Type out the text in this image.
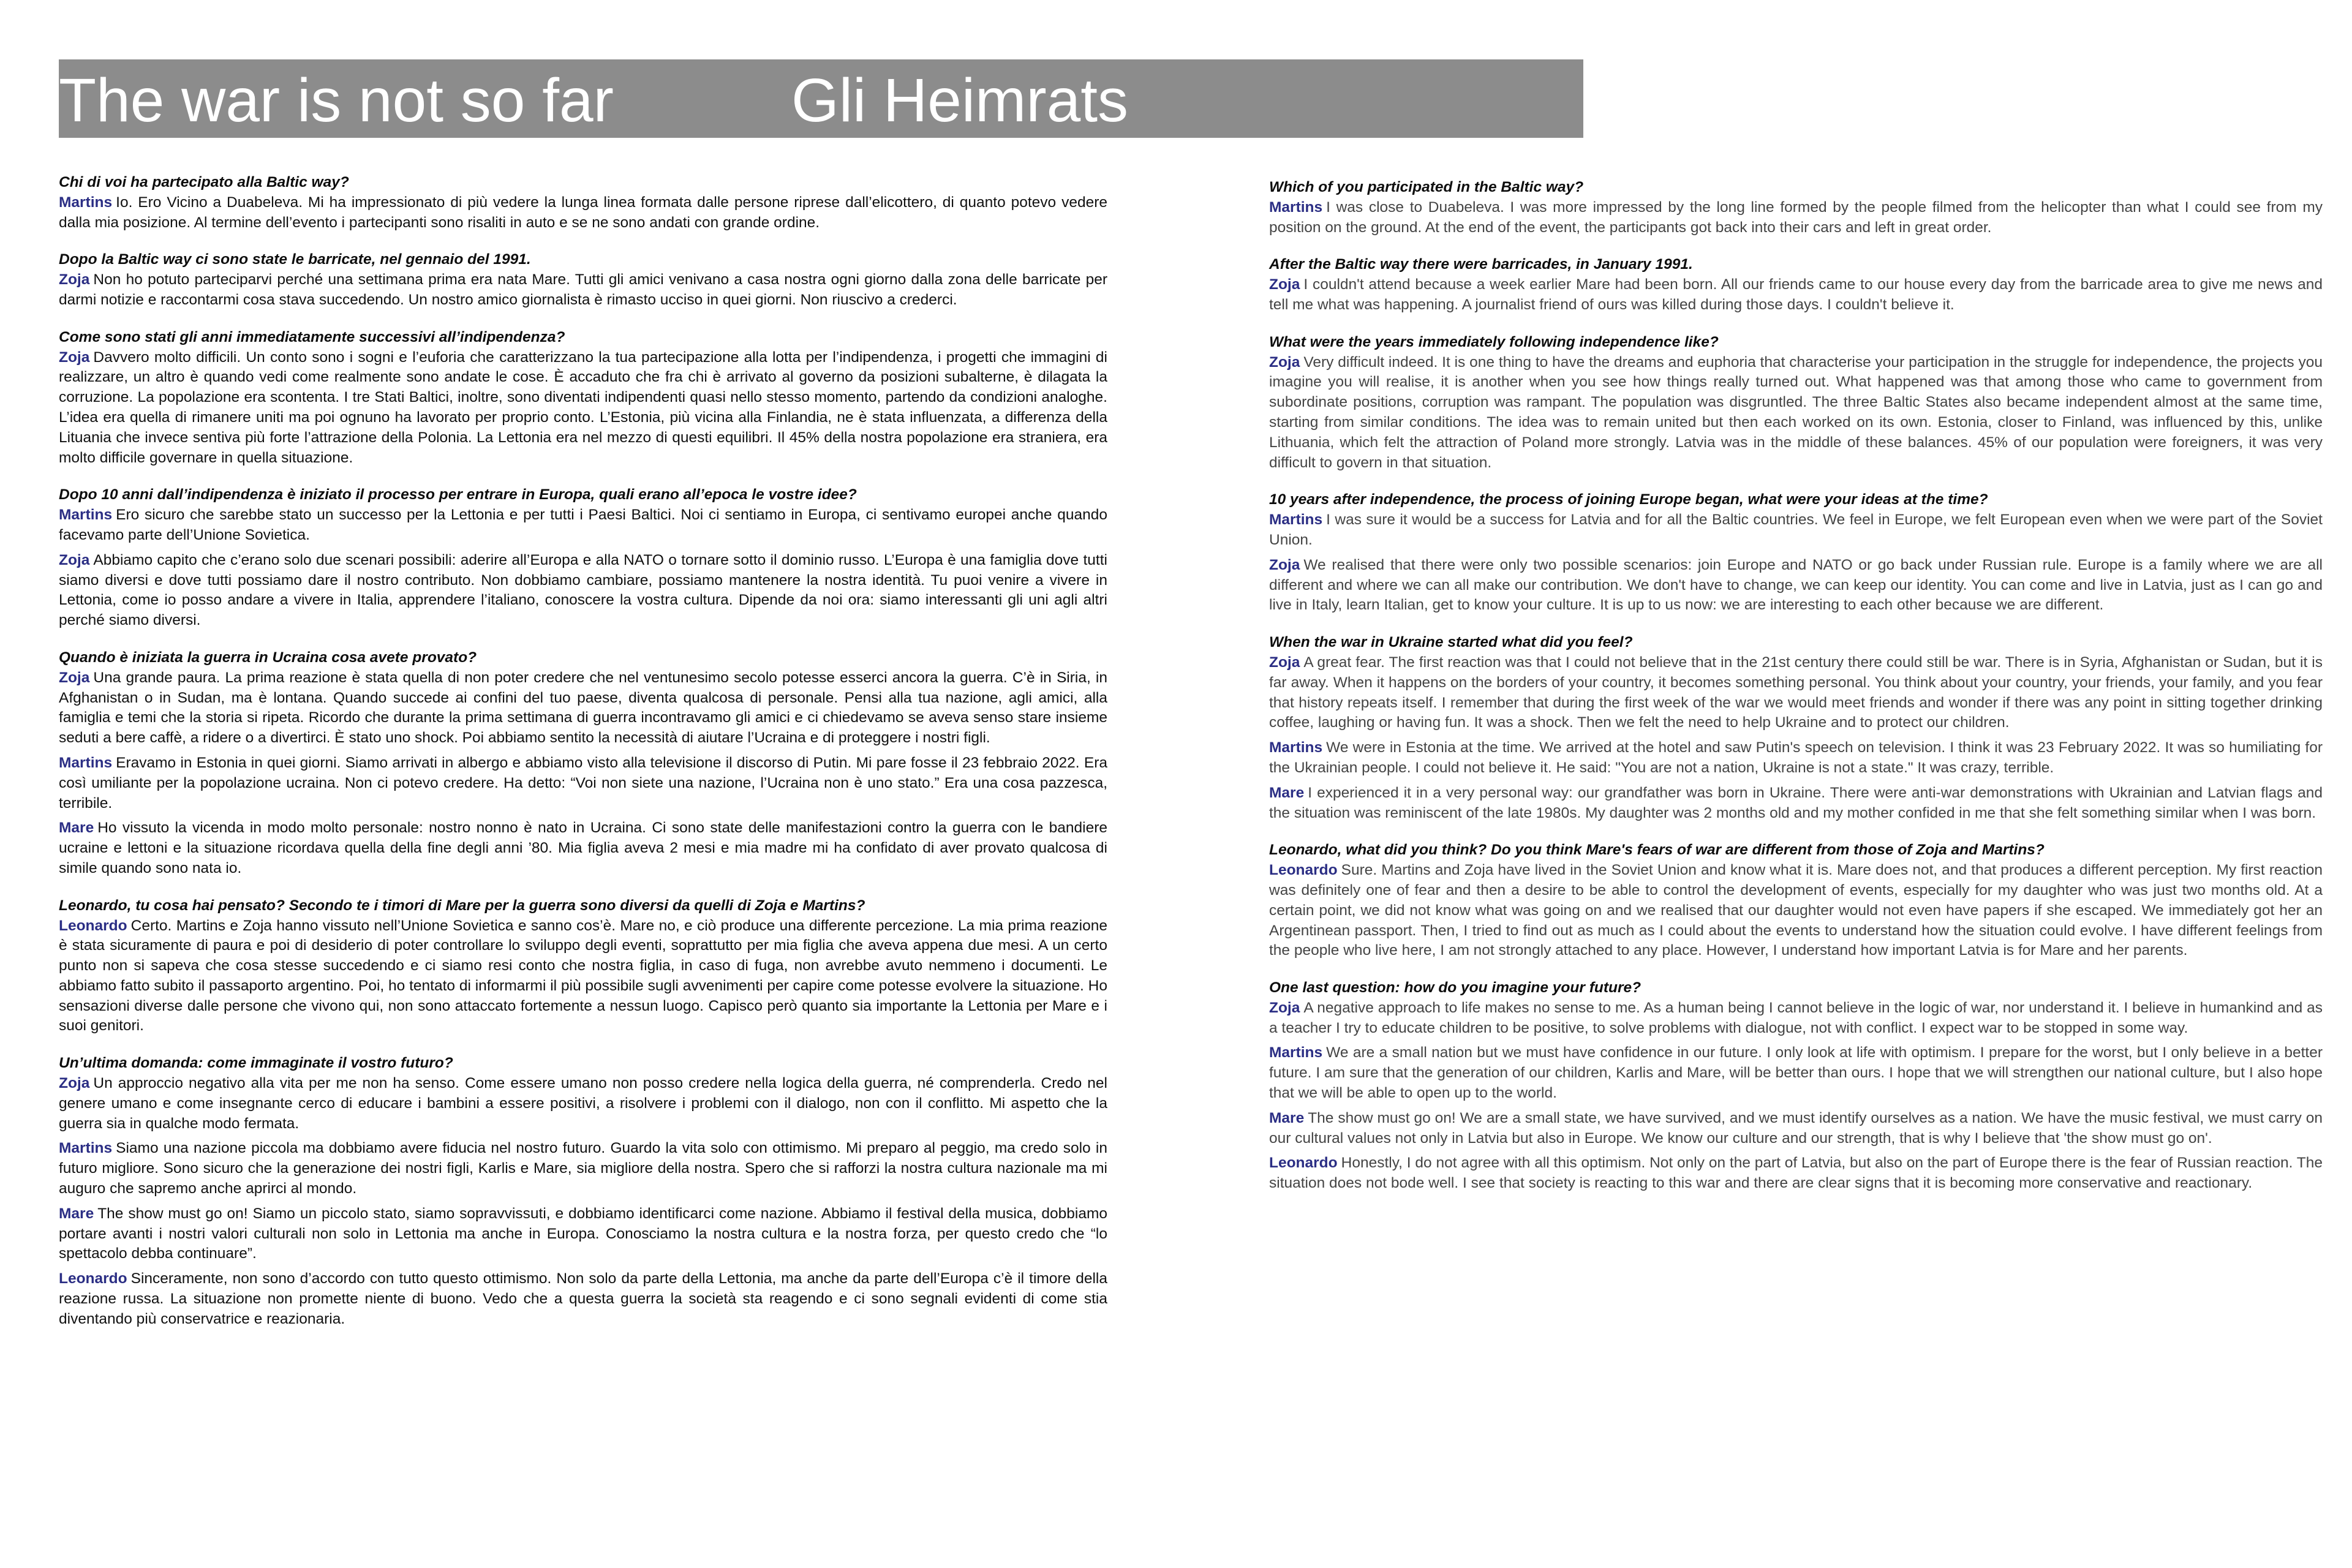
The war is not so far	Gli Heimrats

Chi di voi ha partecipato alla Baltic way?

Martins Io. Ero Vicino a Duabeleva. Mi ha impressionato di più vedere la lunga linea formata dalle persone riprese dall’elicottero, di quanto potevo vedere dalla mia posizione. Al termine dell’evento i partecipanti sono risaliti in auto e se ne sono andati con grande ordine.

Dopo la Baltic way ci sono state le barricate, nel gennaio del 1991.

Zoja Non ho potuto parteciparvi perché una settimana prima era nata Mare. Tutti gli amici venivano a casa nostra ogni giorno dalla zona delle barricate per darmi notizie e raccontarmi cosa stava succedendo. Un nostro amico giornalista è rimasto ucciso in quei giorni. Non riuscivo a crederci.

Come sono stati gli anni immediatamente successivi all’indipendenza?

Zoja Davvero molto difficili. Un conto sono i sogni e l’euforia che caratterizzano la tua partecipazione alla lotta per l’indipendenza, i progetti che immagini di realizzare, un altro è quando vedi come realmente sono andate le cose. È accaduto che fra chi è arrivato al governo da posizioni subalterne, è dilagata la corruzione. La popolazione era scontenta. I tre Stati Baltici, inoltre, sono diventati indipendenti quasi nello stesso momento, partendo da condizioni analoghe. L’idea era quella di rimanere uniti ma poi ognuno ha lavorato per proprio conto. L’Estonia, più vicina alla Finlandia, ne è stata influenzata, a differenza della Lituania che invece sentiva più forte l’attrazione della Polonia. La Lettonia era nel mezzo di questi equilibri. Il 45% della nostra popolazione era straniera, era molto difficile governare in quella situazione.

Dopo 10 anni dall’indipendenza è iniziato il processo per entrare in Europa, quali erano all’epoca le vostre idee?

Martins Ero sicuro che sarebbe stato un successo per la Lettonia e per tutti i Paesi Baltici. Noi ci sentiamo in Europa, ci sentivamo europei anche quando facevamo parte dell’Unione Sovietica.

Zoja Abbiamo capito che c’erano solo due scenari possibili: aderire all’Europa e alla NATO o tornare sotto il dominio russo. L’Europa è una famiglia dove tutti siamo diversi e dove tutti possiamo dare il nostro contributo. Non dobbiamo cambiare, possiamo mantenere la nostra identità. Tu puoi venire a vivere in Lettonia, come io posso andare a vivere in Italia, apprendere l’italiano, conoscere la vostra cultura. Dipende da noi ora: siamo interessanti gli uni agli altri perché siamo diversi.

Quando è iniziata la guerra in Ucraina cosa avete provato?

Zoja Una grande paura. La prima reazione è stata quella di non poter credere che nel ventunesimo secolo potesse esserci ancora la guerra. C’è in Siria, in Afghanistan o in Sudan, ma è lontana. Quando succede ai confini del tuo paese, diventa qualcosa di personale. Pensi alla tua nazione, agli amici, alla famiglia e temi che la storia si ripeta. Ricordo che durante la prima settimana di guerra incontravamo gli amici e ci chiedevamo se aveva senso stare insieme seduti a bere caffè, a ridere o a divertirci. È stato uno shock. Poi abbiamo sentito la necessità di aiutare l’Ucraina e di proteggere i nostri figli.

Martins Eravamo in Estonia in quei giorni. Siamo arrivati in albergo e abbiamo visto alla televisione il discorso di Putin. Mi pare fosse il 23 febbraio 2022. Era così umiliante per la popolazione ucraina. Non ci potevo credere. Ha detto: “Voi non siete una nazione, l’Ucraina non è uno stato.” Era una cosa pazzesca, terribile.

Mare Ho vissuto la vicenda in modo molto personale: nostro nonno è nato in Ucraina. Ci sono state delle manifestazioni contro la guerra con le bandiere ucraine e lettoni e la situazione ricordava quella della fine degli anni ’80. Mia figlia aveva 2 mesi e mia madre mi ha confidato di aver provato qualcosa di simile quando sono nata io.

Leonardo, tu cosa hai pensato? Secondo te i timori di Mare per la guerra sono diversi da quelli di Zoja e Martins?

Leonardo Certo. Martins e Zoja hanno vissuto nell’Unione Sovietica e sanno cos’è. Mare no, e ciò produce una differente percezione. La mia prima reazione è stata sicuramente di paura e poi di desiderio di poter controllare lo sviluppo degli eventi, soprattutto per mia figlia che aveva appena due mesi. A un certo punto non si sapeva che cosa stesse succedendo e ci siamo resi conto che nostra figlia, in caso di fuga, non avrebbe avuto nemmeno i documenti. Le abbiamo fatto subito il passaporto argentino. Poi, ho tentato di informarmi il più possibile sugli avvenimenti per capire come potesse evolvere la situazione. Ho sensazioni diverse dalle persone che vivono qui, non sono attaccato fortemente a nessun luogo. Capisco però quanto sia importante la Lettonia per Mare e i suoi genitori.

Un’ultima domanda: come immaginate il vostro futuro?

Zoja Un approccio negativo alla vita per me non ha senso. Come essere umano non posso credere nella logica della guerra, né comprenderla. Credo nel genere umano e come insegnante cerco di educare i bambini a essere positivi, a risolvere i problemi con il dialogo, non con il conflitto. Mi aspetto che la guerra sia in qualche modo fermata.

Martins Siamo una nazione piccola ma dobbiamo avere fiducia nel nostro futuro. Guardo la vita solo con ottimismo. Mi preparo al peggio, ma credo solo in futuro migliore. Sono sicuro che la generazione dei nostri figli, Karlis e Mare, sia migliore della nostra. Spero che si rafforzi la nostra cultura nazionale ma mi auguro che sapremo anche aprirci al mondo.

Mare The show must go on! Siamo un piccolo stato, siamo sopravvissuti, e dobbiamo identificarci come nazione. Abbiamo il festival della musica, dobbiamo portare avanti i nostri valori culturali non solo in Lettonia ma anche in Europa. Conosciamo la nostra cultura e la nostra forza, per questo credo che “lo spettacolo debba continuare”.

Leonardo Sinceramente, non sono d’accordo con tutto questo ottimismo. Non solo da parte della Lettonia, ma anche da parte dell’Europa c’è il timore della reazione russa. La situazione non promette niente di buono. Vedo che a questa guerra la società sta reagendo e ci sono segnali evidenti di come stia diventando più conservatrice e reazionaria.

Which of you participated in the Baltic way?

Martins I was close to Duabeleva. I was more impressed by the long line formed by the people filmed from the helicopter than what I could see from my position on the ground. At the end of the event, the participants got back into their cars and left in great order.

After the Baltic way there were barricades, in January 1991.

Zoja I couldn't attend because a week earlier Mare had been born. All our friends came to our house every day from the barricade area to give me news and tell me what was happening. A journalist friend of ours was killed during those days. I couldn't believe it.

What were the years immediately following independence like?

Zoja Very difficult indeed. It is one thing to have the dreams and euphoria that characterise your participation in the struggle for independence, the projects you imagine you will realise, it is another when you see how things really turned out. What happened was that among those who came to government from subordinate positions, corruption was rampant. The population was disgruntled. The three Baltic States also became independent almost at the same time, starting from similar conditions. The idea was to remain united but then each worked on its own. Estonia, closer to Finland, was influenced by this, unlike Lithuania, which felt the attraction of Poland more strongly. Latvia was in the middle of these balances. 45% of our population were foreigners, it was very difficult to govern in that situation.

10 years after independence, the process of joining Europe began, what were your ideas at the time?

Martins I was sure it would be a success for Latvia and for all the Baltic countries. We feel in Europe, we felt European even when we were part of the Soviet Union.

Zoja We realised that there were only two possible scenarios: join Europe and NATO or go back under Russian rule. Europe is a family where we are all different and where we can all make our contribution. We don't have to change, we can keep our identity. You can come and live in Latvia, just as I can go and live in Italy, learn Italian, get to know your culture. It is up to us now: we are interesting to each other because we are different.

When the war in Ukraine started what did you feel?

Zoja A great fear. The first reaction was that I could not believe that in the 21st century there could still be war. There is in Syria, Afghanistan or Sudan, but it is far away. When it happens on the borders of your country, it becomes something personal. You think about your country, your friends, your family, and you fear that history repeats itself. I remember that during the first week of the war we would meet friends and wonder if there was any point in sitting together drinking coffee, laughing or having fun. It was a shock. Then we felt the need to help Ukraine and to protect our children.

Martins We were in Estonia at the time. We arrived at the hotel and saw Putin's speech on television. I think it was 23 February 2022. It was so humiliating for the Ukrainian people. I could not believe it. He said: "You are not a nation, Ukraine is not a state." It was crazy, terrible.

Mare I experienced it in a very personal way: our grandfather was born in Ukraine. There were anti-war demonstrations with Ukrainian and Latvian flags and the situation was reminiscent of the late 1980s. My daughter was 2 months old and my mother confided in me that she felt something similar when I was born.

Leonardo, what did you think? Do you think Mare's fears of war are different from those of Zoja and Martins?

Leonardo Sure. Martins and Zoja have lived in the Soviet Union and know what it is. Mare does not, and that produces a different perception. My first reaction was definitely one of fear and then a desire to be able to control the development of events, especially for my daughter who was just two months old. At a certain point, we did not know what was going on and we realised that our daughter would not even have papers if she escaped. We immediately got her an Argentinean passport. Then, I tried to find out as much as I could about the events to understand how the situation could evolve. I have different feelings from the people who live here, I am not strongly attached to any place. However, I understand how important Latvia is for Mare and her parents.

One last question: how do you imagine your future?

Zoja A negative approach to life makes no sense to me. As a human being I cannot believe in the logic of war, nor understand it. I believe in humankind and as a teacher I try to educate children to be positive, to solve problems with dialogue, not with conflict. I expect war to be stopped in some way.

Martins We are a small nation but we must have confidence in our future. I only look at life with optimism. I prepare for the worst, but I only believe in a better future. I am sure that the generation of our children, Karlis and Mare, will be better than ours. I hope that we will strengthen our national culture, but I also hope that we will be able to open up to the world.

Mare The show must go on! We are a small state, we have survived, and we must identify ourselves as a nation. We have the music festival, we must carry on our cultural values not only in Latvia but also in Europe. We know our culture and our strength, that is why I believe that 'the show must go on'.

Leonardo Honestly, I do not agree with all this optimism. Not only on the part of Latvia, but also on the part of Europe there is the fear of Russian reaction. The situation does not bode well. I see that society is reacting to this war and there are clear signs that it is becoming more conservative and reactionary.
